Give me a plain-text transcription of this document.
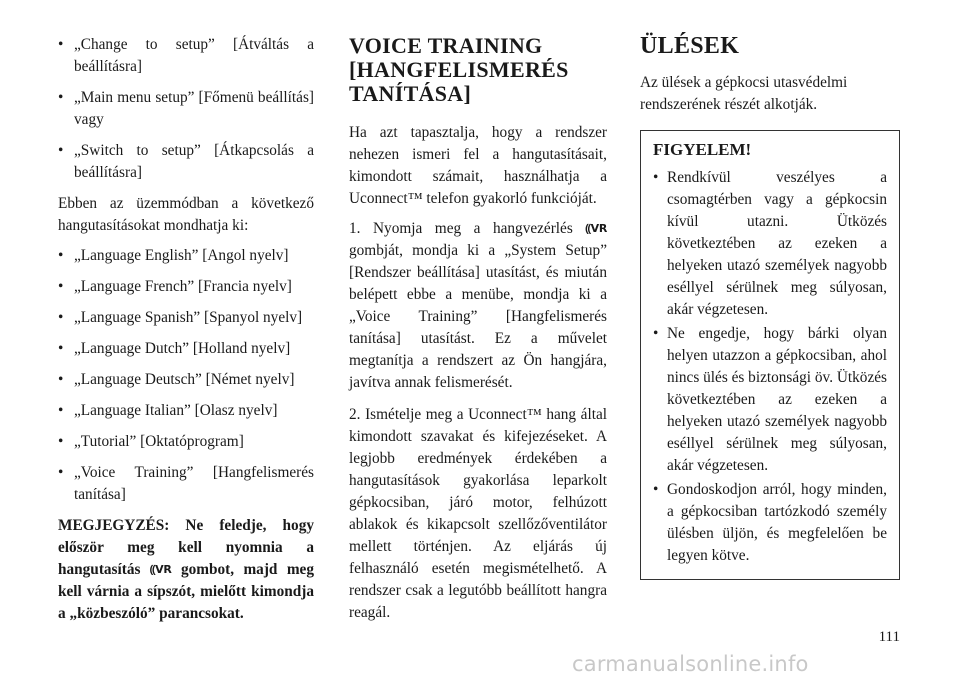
• „Change to setup” [Átváltás a beállításra]
• „Main menu setup” [Főmenü beállítás] vagy
• „Switch to setup” [Átkapcsolás a beállításra]

Ebben az üzemmódban a következő hangutasításokat mondhatja ki:

• „Language English” [Angol nyelv]
• „Language French” [Francia nyelv]
• „Language Spanish” [Spanyol nyelv]
• „Language Dutch” [Holland nyelv]
• „Language Deutsch” [Német nyelv]
• „Language Italian” [Olasz nyelv]
• „Tutorial” [Oktatóprogram]
• „Voice Training” [Hangfelismerés tanítása]

MEGJEGYZÉS: Ne feledje, hogy először meg kell nyomnia a hangutasítás ⸨VR gombot, majd meg kell várnia a sípszót, mielőtt kimondja a „közbeszóló” parancsokat.

VOICE TRAINING [HANGFELISMERÉS TANÍTÁSA]

Ha azt tapasztalja, hogy a rendszer nehezen ismeri fel a hangutasításait, kimondott számait, használhatja a Uconnect™ telefon gyakorló funkcióját.

1. Nyomja meg a hangvezérlés ⸨VR gombját, mondja ki a „System Setup” [Rendszer beállítása] utasítást, és miután belépett ebbe a menübe, mondja ki a „Voice Training” [Hangfelismerés tanítása] utasítást. Ez a művelet megtanítja a rendszert az Ön hangjára, javítva annak felismerését.

2. Ismételje meg a Uconnect™ hang által kimondott szavakat és kifejezéseket. A legjobb eredmények érdekében a hangutasítások gyakorlása leparkolt gépkocsiban, járó motor, felhúzott ablakok és kikapcsolt szellőzőventilátor mellett történjen. Az eljárás új felhasználó esetén megismételhető. A rendszer csak a legutóbb beállított hangra reagál.

ÜLÉSEK

Az ülések a gépkocsi utasvédelmi rendszerének részét alkotják.

FIGYELEM!
• Rendkívül veszélyes a csomagtérben vagy a gépkocsin kívül utazni. Ütközés következtében az ezeken a helyeken utazó személyek nagyobb eséllyel sérülnek meg súlyosan, akár végzetesen.
• Ne engedje, hogy bárki olyan helyen utazzon a gépkocsiban, ahol nincs ülés és biztonsági öv. Ütközés következtében az ezeken a helyeken utazó személyek nagyobb eséllyel sérülnek meg súlyosan, akár végzetesen.
• Gondoskodjon arról, hogy minden, a gépkocsiban tartózkodó személy ülésben üljön, és megfelelően be legyen kötve.
111
carmanualsonline.info
